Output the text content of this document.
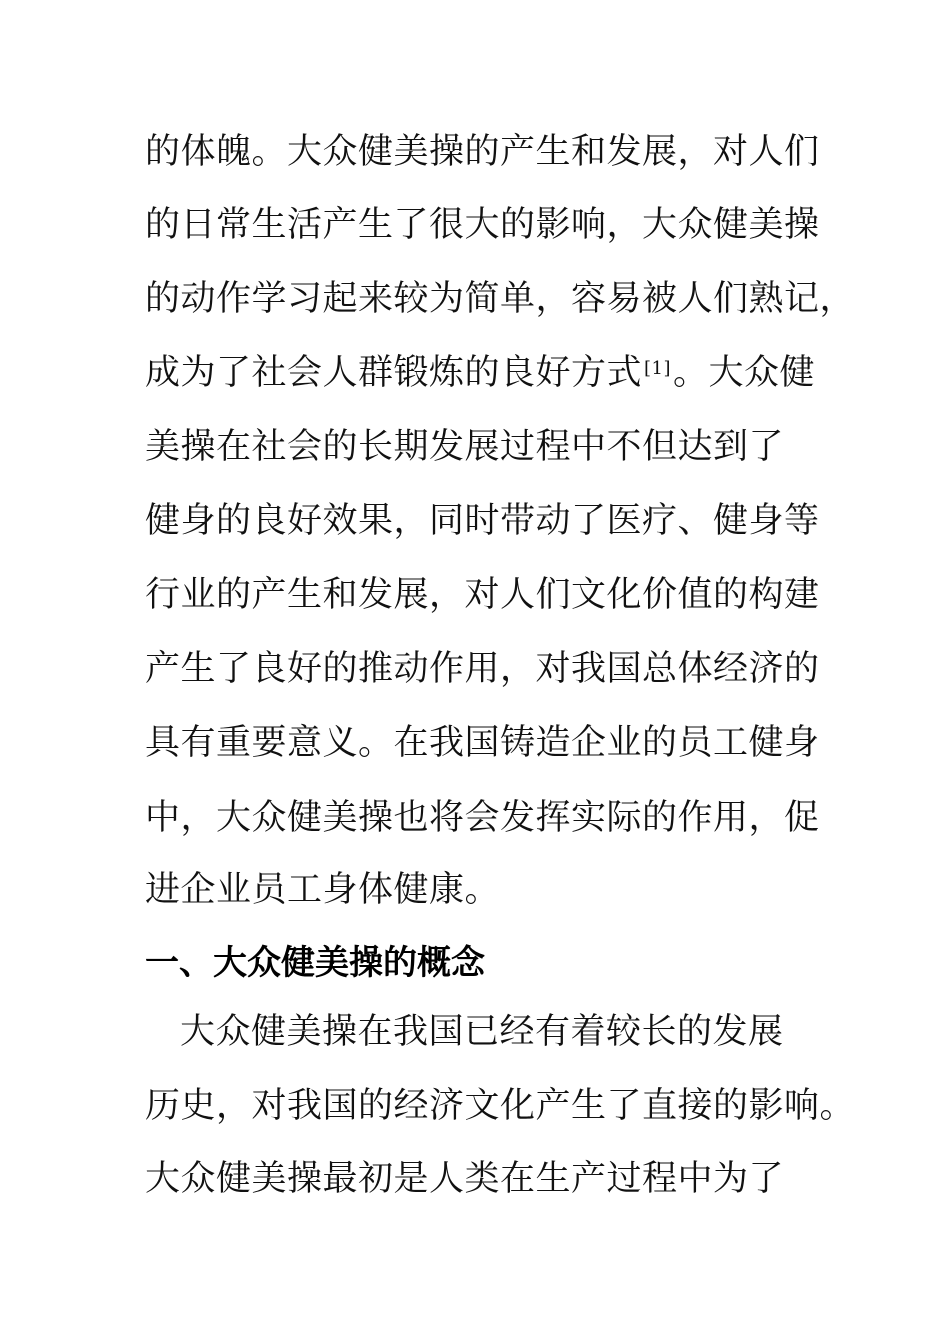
的体魄。大众健美操的产生和发展，对人们
的日常生活产生了很大的影响，大众健美操
的动作学习起来较为简单，容易被人们熟记，
成为了社会人群锻炼的良好方式 [1]。大众健
美操在社会的长期发展过程中不但达到了
健身的良好效果，同时带动了医疗、健身等
行业的产生和发展，对人们文化价值的构建
产生了良好的推动作用，对我国总体经济的
具有重要意义。在我国铸造企业的员工健身
中，大众健美操也将会发挥实际的作用，促
进企业员工身体健康。
一、大众健美操的概念
大众健美操在我国已经有着较长的发展
历史，对我国的经济文化产生了直接的影响。
大众健美操最初是人类在生产过程中为了
